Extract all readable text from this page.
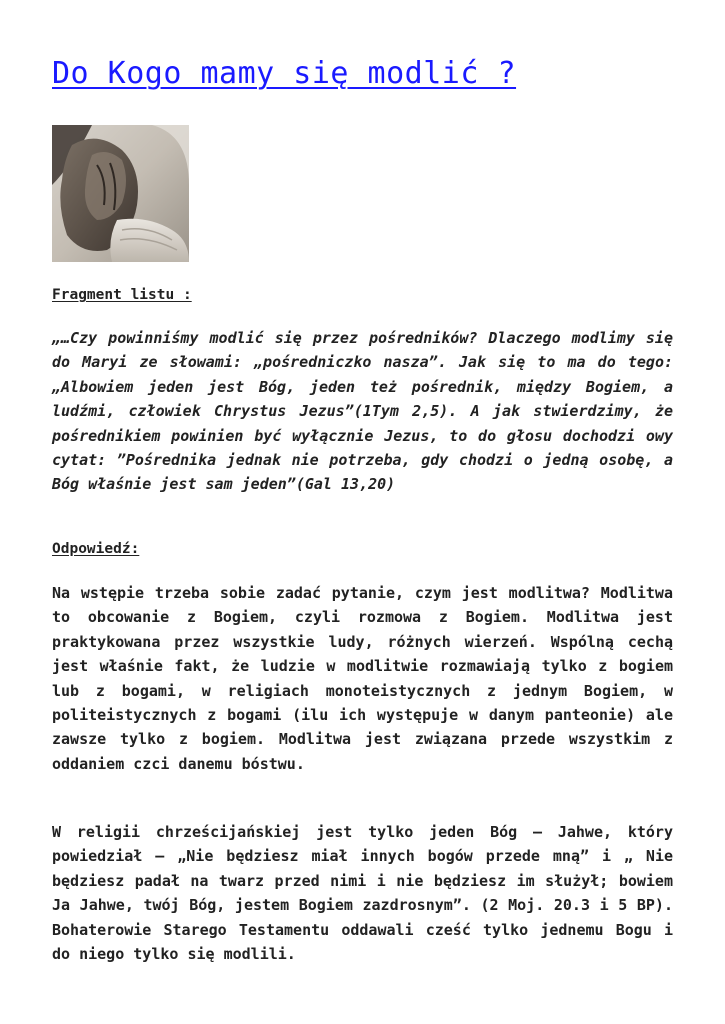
Do Kogo mamy się modlić ?

Fragment listu :

„…Czy powinniśmy modlić się przez pośredników? Dlaczego modlimy się do Maryi ze słowami: „pośredniczko nasza”. Jak się to ma do tego: „Albowiem jeden jest Bóg, jeden też pośrednik, między Bogiem, a ludźmi, człowiek Chrystus Jezus”(1Tym 2,5). A jak stwierdzimy, że pośrednikiem powinien być wyłącznie Jezus, to do głosu dochodzi owy cytat: ”Pośrednika jednak nie potrzeba, gdy chodzi o jedną osobę, a Bóg właśnie jest sam jeden”(Gal 13,20)

Odpowiedź:

Na wstępie trzeba sobie zadać pytanie, czym jest modlitwa? Modlitwa to obcowanie z Bogiem, czyli rozmowa z Bogiem. Modlitwa jest praktykowana przez wszystkie ludy, różnych wierzeń. Wspólną cechą jest właśnie fakt, że ludzie w modlitwie rozmawiają tylko z bogiem lub z bogami, w religiach monoteistycznych z jednym Bogiem, w politeistycznych z bogami (ilu ich występuje w danym panteonie) ale zawsze tylko z bogiem. Modlitwa jest związana przede wszystkim z oddaniem czci danemu bóstwu.

W religii chrześcijańskiej jest tylko jeden Bóg – Jahwe, który powiedział – „Nie będziesz miał innych bogów przede mną” i „ Nie będziesz padał na twarz przed nimi i nie będziesz im służył; bowiem Ja Jahwe, twój Bóg, jestem Bogiem zazdrosnym”. (2 Moj. 20.3 i 5 BP). Bohaterowie Starego Testamentu oddawali cześć tylko jednemu Bogu i do niego tylko się modlili.
